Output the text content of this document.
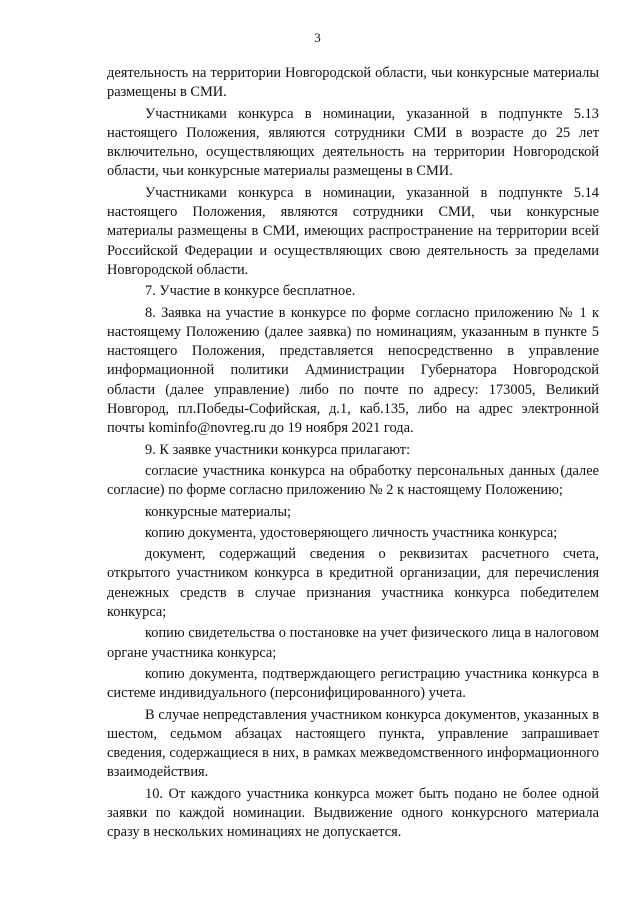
3

деятельность на территории Новгородской области, чьи конкурсные материалы размещены в СМИ.

Участниками конкурса в номинации, указанной в подпункте 5.13 настоящего Положения, являются сотрудники СМИ в возрасте до 25 лет включительно, осуществляющих деятельность на территории Новгородской области, чьи конкурсные материалы размещены в СМИ.

Участниками конкурса в номинации, указанной в подпункте 5.14 настоящего Положения, являются сотрудники СМИ, чьи конкурсные материалы размещены в СМИ, имеющих распространение на территории всей Российской Федерации и осуществляющих свою деятельность за пределами Новгородской области.

7. Участие в конкурсе бесплатное.

8. Заявка на участие в конкурсе по форме согласно приложению № 1 к настоящему Положению (далее заявка) по номинациям, указанным в пункте 5 настоящего Положения, представляется непосредственно в управление информационной политики Администрации Губернатора Новгородской области (далее управление) либо по почте по адресу: 173005, Великий Новгород, пл.Победы-Софийская, д.1, каб.135, либо на адрес электронной почты kominfo@novreg.ru до 19 ноября 2021 года.

9. К заявке участники конкурса прилагают:

согласие участника конкурса на обработку персональных данных (далее согласие) по форме согласно приложению № 2 к настоящему Положению;

конкурсные материалы;

копию документа, удостоверяющего личность участника конкурса;

документ, содержащий сведения о реквизитах расчетного счета, открытого участником конкурса в кредитной организации, для перечисления денежных средств в случае признания участника конкурса победителем конкурса;

копию свидетельства о постановке на учет физического лица в налоговом органе участника конкурса;

копию документа, подтверждающего регистрацию участника конкурса в системе индивидуального (персонифицированного) учета.

В случае непредставления участником конкурса документов, указанных в шестом, седьмом абзацах настоящего пункта, управление запрашивает сведения, содержащиеся в них, в рамках межведомственного информационного взаимодействия.

10. От каждого участника конкурса может быть подано не более одной заявки по каждой номинации. Выдвижение одного конкурсного материала сразу в нескольких номинациях не допускается.
